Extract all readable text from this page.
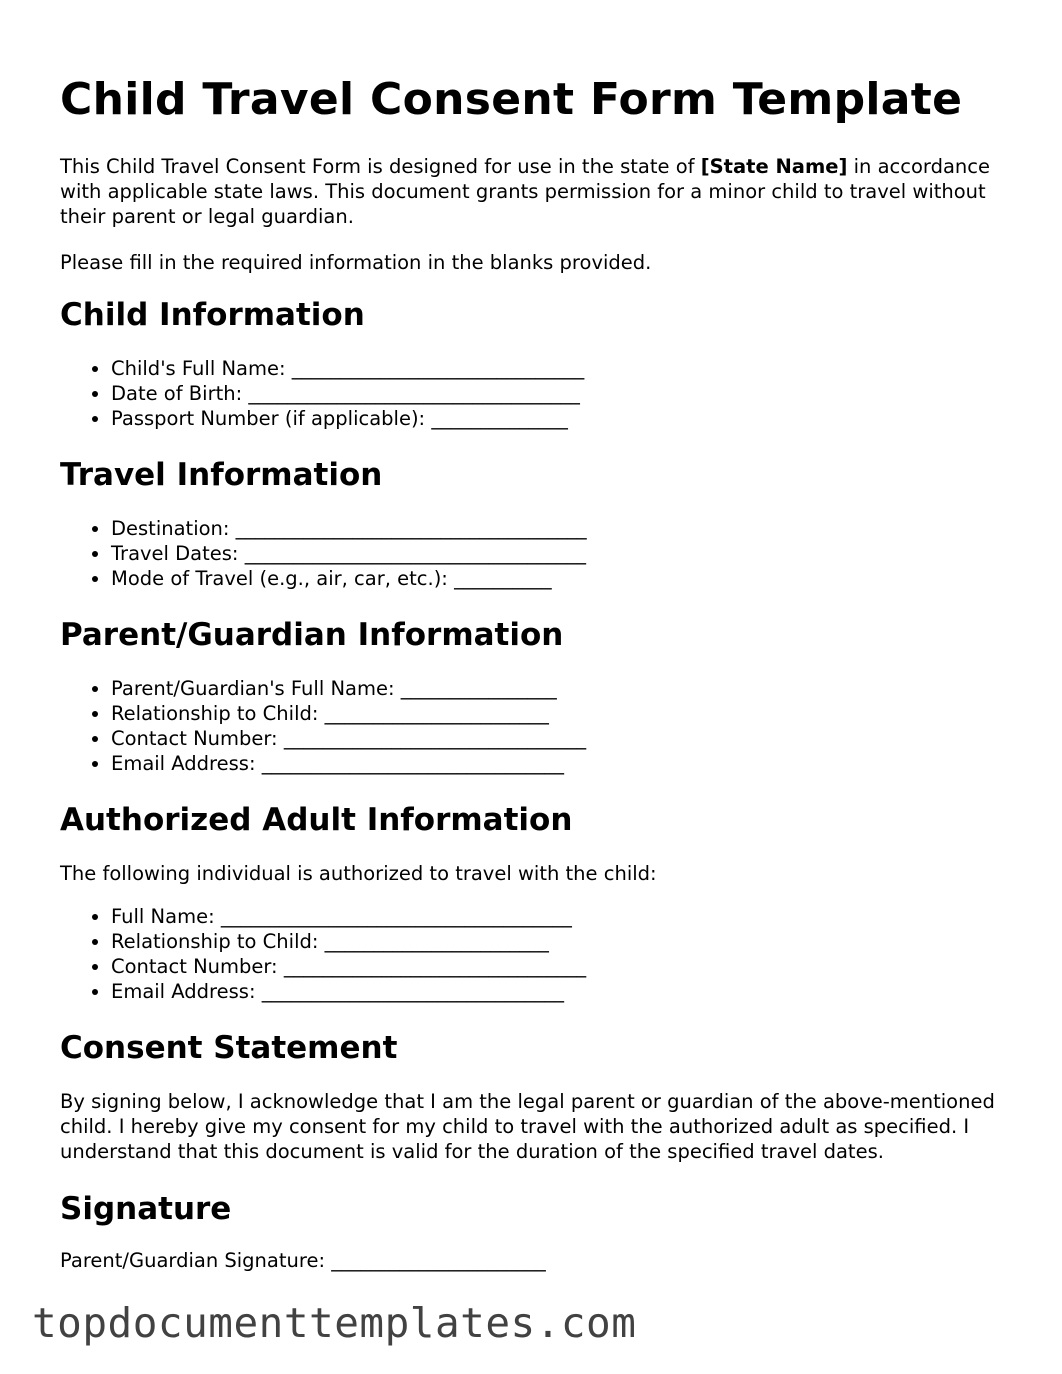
Child Travel Consent Form Template

This Child Travel Consent Form is designed for use in the state of [State Name] in accordance with applicable state laws. This document grants permission for a minor child to travel without their parent or legal guardian.

Please fill in the required information in the blanks provided.

Child Information
• Child's Full Name: ______________________________
• Date of Birth: __________________________________
• Passport Number (if applicable): ______________
Travel Information
• Destination: ____________________________________
• Travel Dates: ___________________________________
• Mode of Travel (e.g., air, car, etc.): __________
Parent/Guardian Information
• Parent/Guardian's Full Name: ________________
• Relationship to Child: _______________________
• Contact Number: _______________________________
• Email Address: _______________________________
Authorized Adult Information

The following individual is authorized to travel with the child:

• Full Name: ____________________________________
• Relationship to Child: _______________________
• Contact Number: _______________________________
• Email Address: _______________________________
Consent Statement

By signing below, I acknowledge that I am the legal parent or guardian of the above-mentioned child. I hereby give my consent for my child to travel with the authorized adult as specified. I understand that this document is valid for the duration of the specified travel dates.

Signature
Parent/Guardian Signature: ______________________
topdocumenttemplates.com
